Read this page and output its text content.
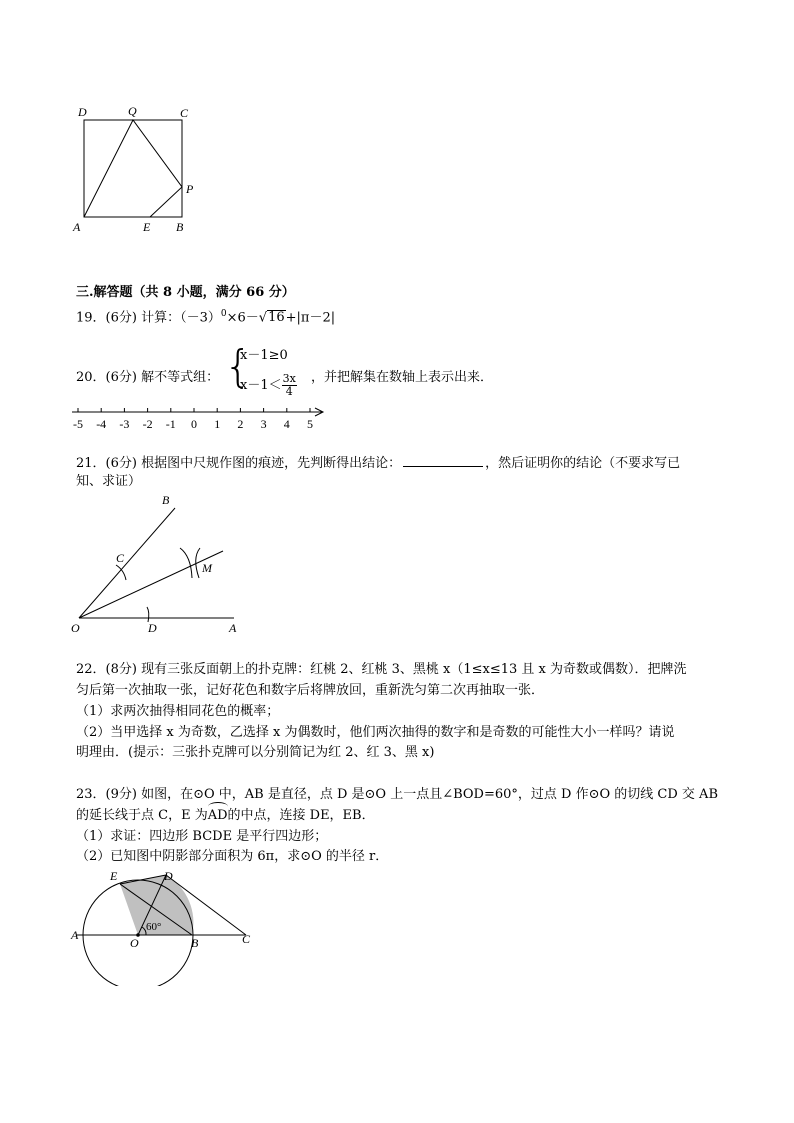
D	Q	C
P
A	E B
三.解答题（共 8 小题，满分 66 分）
19．(6分) 计算：$(-3)^0\times 6-√16+|\pi-2|$
20．(6分) 解不等式组： {
x－1≥0
$x-1< \frac{3x}{4}$ ，并把解集在数轴上表示出来．
-5 -4 -3 -2 -1 0 1 2 3 4 5
21．(6分) 根据图中尺规作图的痕迹，先判断得出结论：	，然后证明你的结论（不要求写已
知、求证）
B
C
M
O	D	A
22．(8分) 现有三张反面朝上的扑克牌：红桃 2、红桃 3、黑桃 x（1≤x≤13 且 x 为奇数或偶数）．把牌洗
匀后第一次抽取一张，记好花色和数字后将牌放回，重新洗匀第二次再抽取一张．
（1）求两次抽得相同花色的概率；
（2）当甲选择 x 为奇数，乙选择 x 为偶数时，他们两次抽得的数字和是奇数的可能性大小一样吗？请说
明理由．(提示：三张扑克牌可以分别简记为红 2、红 3、黑 x)
23．(9分) 如图，在⊙O 中，AB 是直径，点 D 是⊙O 上一点且∠BOD=60°，过点 D 作⊙O 的切线 CD 交 AB
的延长线于点 C，E 为AD的中点，连接 DE，EB．
（1）求证：四边形 BCDE 是平行四边形；
（2）已知图中阴影部分面积为 6π，求⊙O 的半径 r．
E	D
A
O	B	C
60°
